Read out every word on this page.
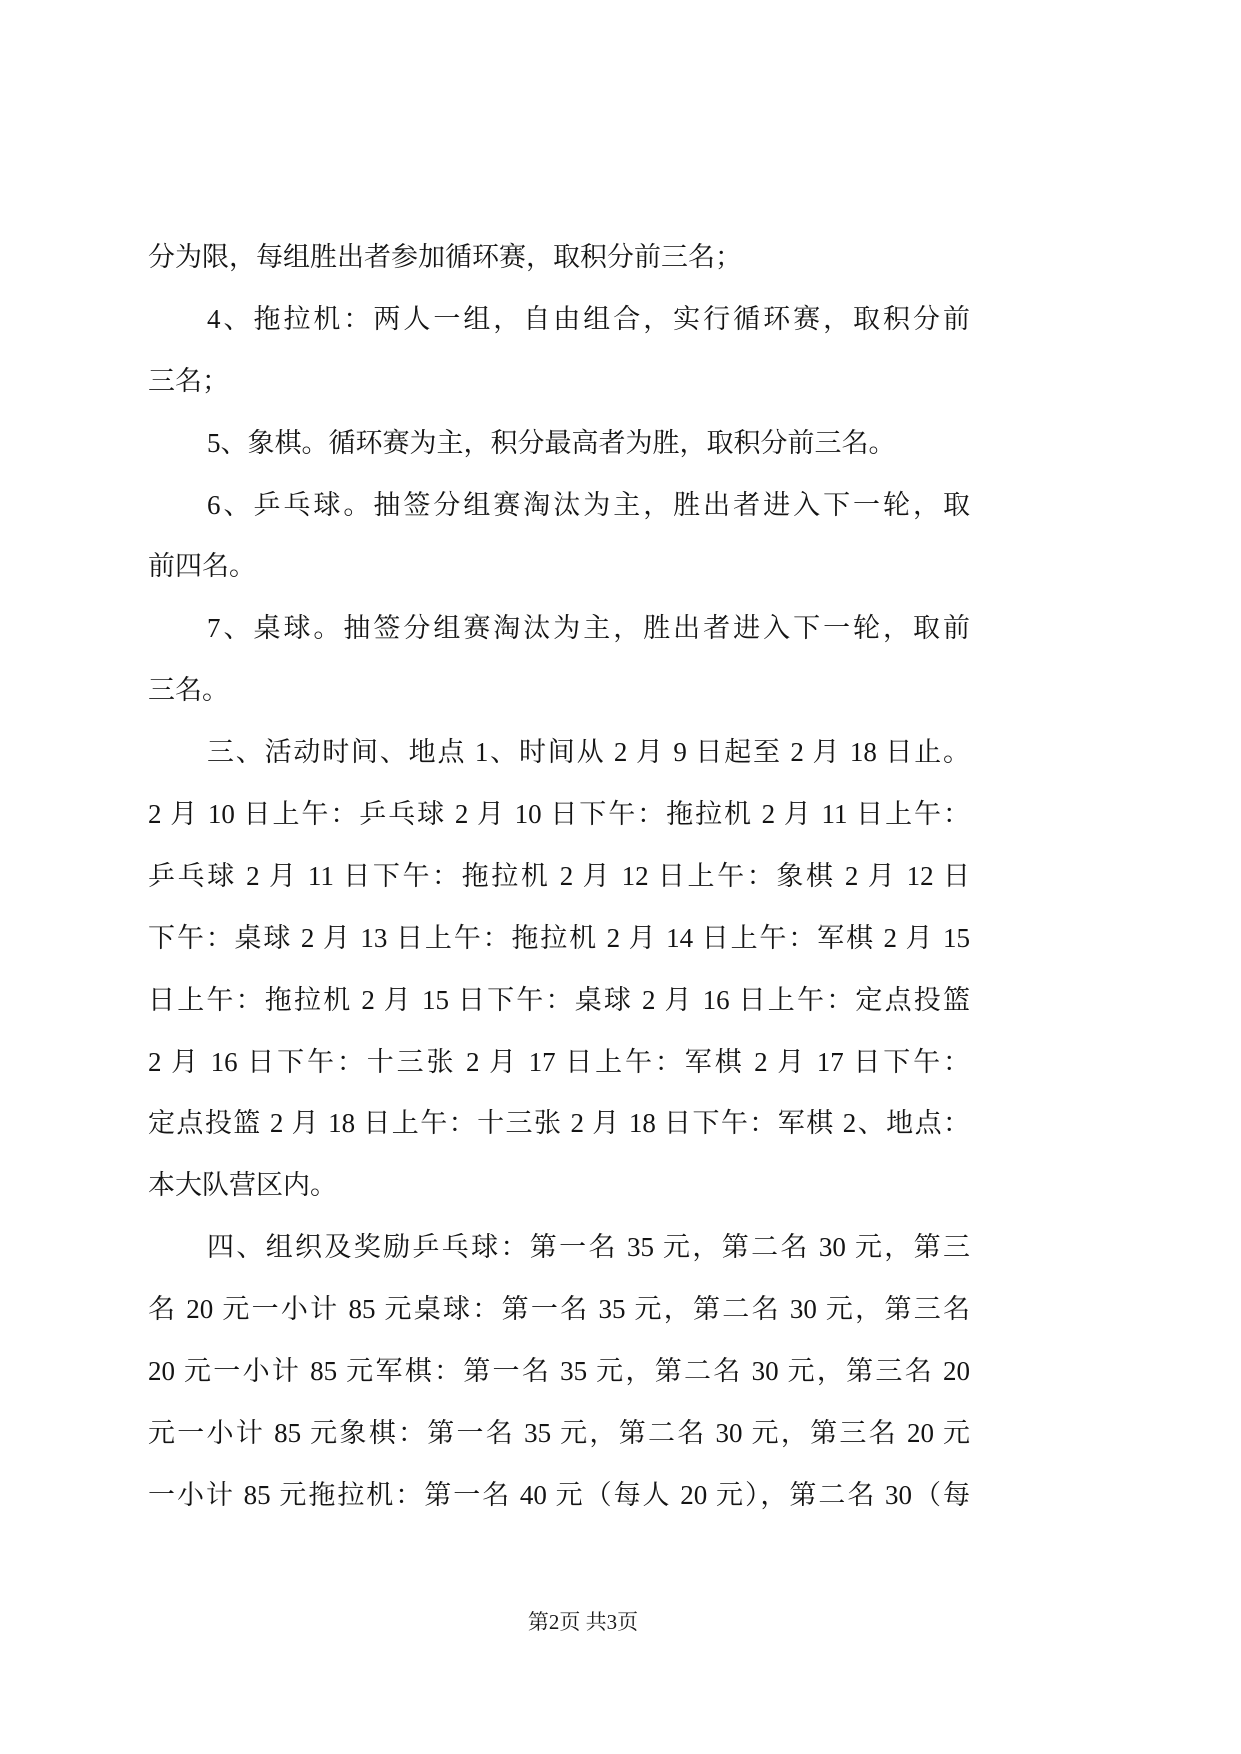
分为限，每组胜出者参加循环赛，取积分前三名；
4、拖拉机：两人一组，自由组合，实行循环赛，取积分前
三名；
5、象棋。循环赛为主，积分最高者为胜，取积分前三名。
6、乒乓球。抽签分组赛淘汰为主，胜出者进入下一轮，取
前四名。
7、桌球。抽签分组赛淘汰为主，胜出者进入下一轮，取前
三名。
三、活动时间、地点 1、时间从 2 月 9 日起至 2 月 18 日止。
2 月 10 日上午：乒乓球 2 月 10 日下午：拖拉机 2 月 11 日上午：
乒乓球 2 月 11 日下午：拖拉机 2 月 12 日上午：象棋 2 月 12 日
下午：桌球 2 月 13 日上午：拖拉机 2 月 14 日上午：军棋 2 月 15
日上午：拖拉机 2 月 15 日下午：桌球 2 月 16 日上午：定点投篮
2 月 16 日下午：十三张 2 月 17 日上午：军棋 2 月 17 日下午：
定点投篮 2 月 18 日上午：十三张 2 月 18 日下午：军棋 2、地点：
本大队营区内。
四、组织及奖励乒乓球：第一名 35 元，第二名 30 元，第三
名 20 元一小计 85 元桌球：第一名 35 元，第二名 30 元，第三名
20 元一小计 85 元军棋：第一名 35 元，第二名 30 元，第三名 20
元一小计 85 元象棋：第一名 35 元，第二名 30 元，第三名 20 元
一小计 85 元拖拉机：第一名 40 元（每人 20 元），第二名 30（每
第2页 共3页
